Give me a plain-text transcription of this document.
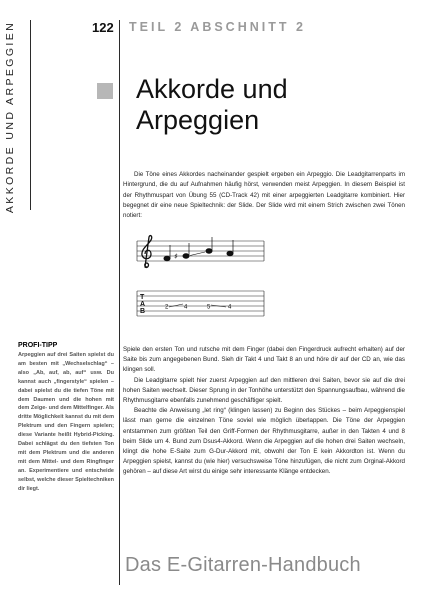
AKKORDE UND ARPEGGIEN	122 TEIL 2 ABSCHNITT 2
Akkorde und
Arpeggien

Die Töne eines Akkordes nacheinander gespielt ergeben ein Arpeggio. Die Leadgitarrenparts im Hintergrund, die du auf Aufnahmen häufig hörst, verwenden meist Arpeggien. In diesem Beispiel ist der Rhythmuspart von Übung 55 (CD-Track 42) mit einer arpeggierten Leadgitarre kombiniert. Hier begegnet dir eine neue Spieltechnik: der Slide. Der Slide wird mit einem Strich zwischen zwei Tönen notiert:

♯
T
A
B
2	4	5	4
PROFI-TIPP
Arpeggien auf drei Saiten spielst du am besten mit „Wechselschlag“ – also „Ab, auf, ab, auf“ usw. Du kannst auch „fingerstyle“ spielen – dabei spielst du die tiefen Töne mit dem Daumen und die hohen mit dem Zeige- und dem Mittelfinger. Als dritte Möglichkeit kannst du mit dem Plektrum und den Fingern spielen; diese Variante heißt Hybrid-Picking. Dabei schlägst du den tiefsten Ton mit dem Plektrum und die anderen mit dem Mittel- und dem Ringfinger an. Experimentiere und entscheide selbst, welche dieser Spieltechniken dir liegt.

Spiele den ersten Ton und rutsche mit dem Finger (dabei den Fingerdruck aufrecht erhalten) auf der Saite bis zum angegebenen Bund. Sieh dir Takt 4 und Takt 8 an und höre dir auf der CD an, wie das klingen soll.

Die Leadgitarre spielt hier zuerst Arpeggien auf den mittleren drei Saiten, bevor sie auf die drei hohen Saiten wechselt. Dieser Sprung in der Tonhöhe unterstützt den Spannungsaufbau, während die Rhythmusgitarre ebenfalls zunehmend geschäftiger spielt.

Beachte die Anweisung „let ring“ (klingen lassen) zu Beginn des Stückes – beim Arpeggienspiel lässt man gerne die einzelnen Töne soviel wie möglich überlappen. Die Töne der Arpeggien entstammen zum größten Teil den Griff-Formen der Rhythmusgitarre, außer in den Takten 4 und 8 beim Slide um 4. Bund zum Dsus4-Akkord. Wenn die Arpeggien auf die hohen drei Saiten wechseln, klingt die hohe E-Saite zum G-Dur-Akkord mit, obwohl der Ton E kein Akkordton ist. Wenn du Arpeggien spielst, kannst du (wie hier) versuchsweise Töne hinzufügen, die nicht zum Orginal-Akkord gehören – auf diese Art wirst du einige sehr interessante Klänge entdecken.

Das E-Gitarren-Handbuch
